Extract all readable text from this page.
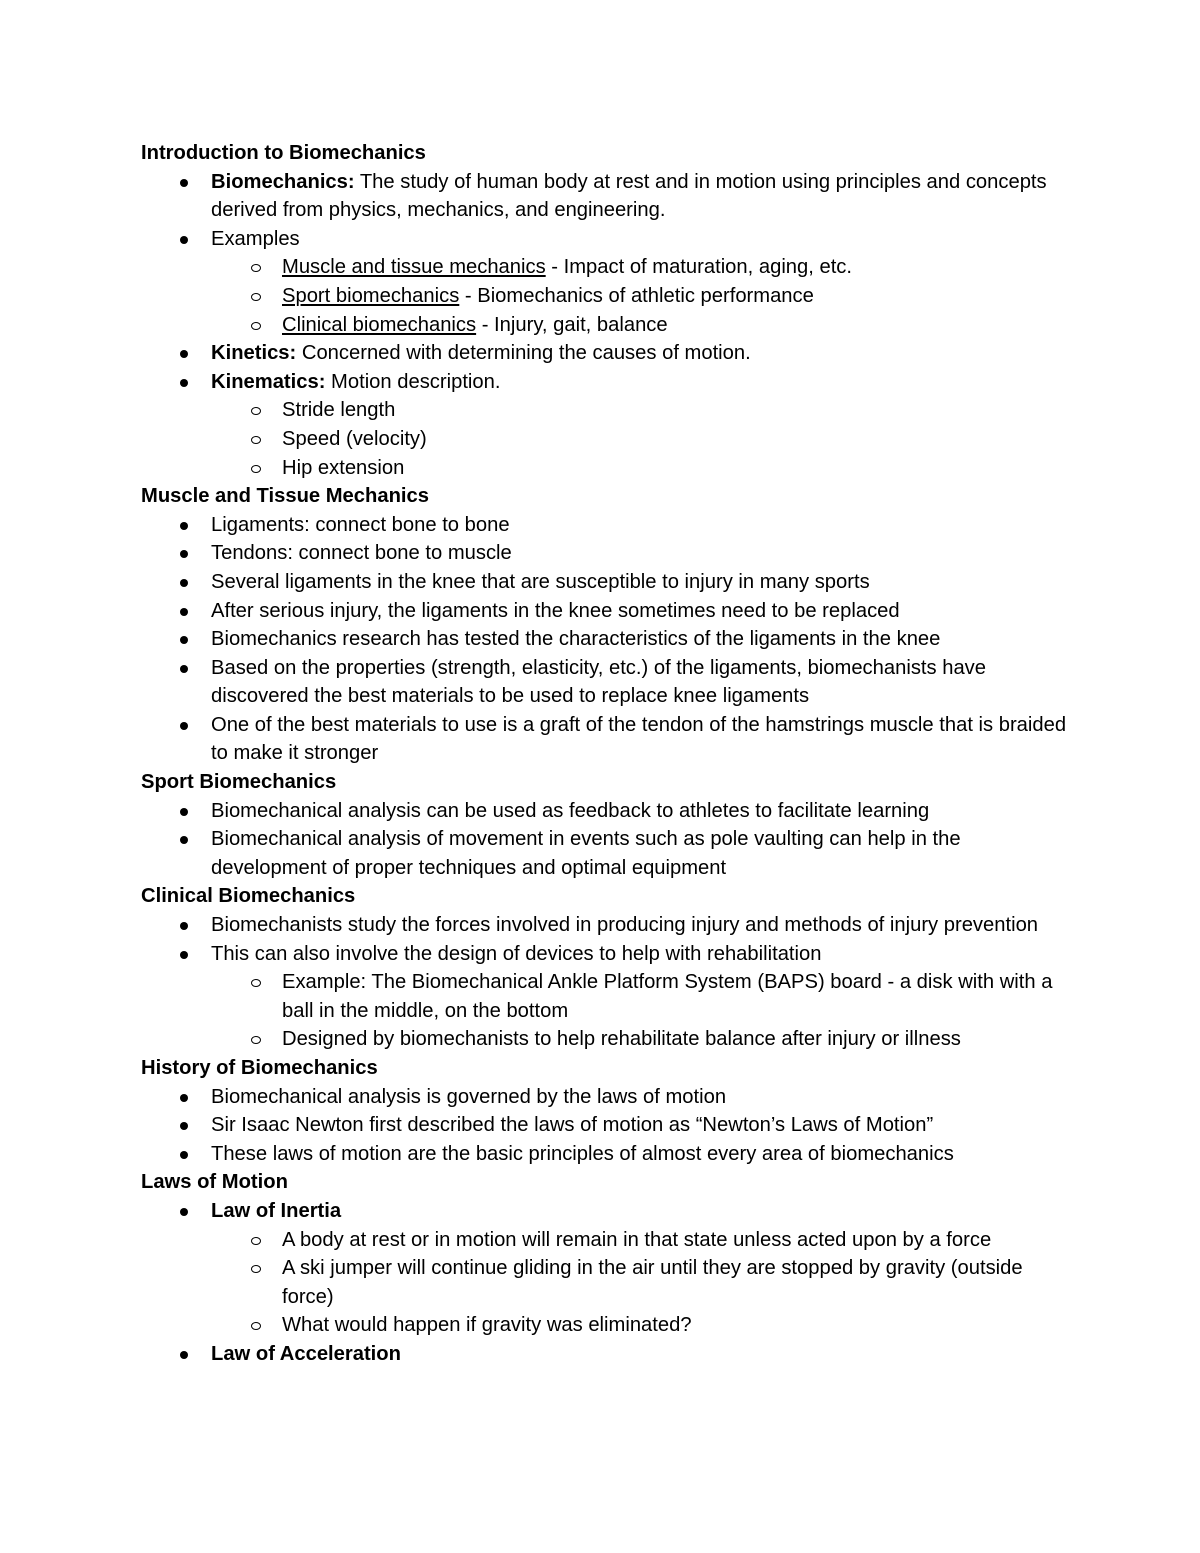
Introduction to Biomechanics
Biomechanics: The study of human body at rest and in motion using principles and concepts derived from physics, mechanics, and engineering.
Examples
Muscle and tissue mechanics - Impact of maturation, aging, etc.
Sport biomechanics - Biomechanics of athletic performance
Clinical biomechanics - Injury, gait, balance
Kinetics: Concerned with determining the causes of motion.
Kinematics: Motion description.
Stride length
Speed (velocity)
Hip extension
Muscle and Tissue Mechanics
Ligaments: connect bone to bone
Tendons: connect bone to muscle
Several ligaments in the knee that are susceptible to injury in many sports
After serious injury, the ligaments in the knee sometimes need to be replaced
Biomechanics research has tested the characteristics of the ligaments in the knee
Based on the properties (strength, elasticity, etc.) of the ligaments, biomechanists have discovered the best materials to be used to replace knee ligaments
One of the best materials to use is a graft of the tendon of the hamstrings muscle that is braided to make it stronger
Sport Biomechanics
Biomechanical analysis can be used as feedback to athletes to facilitate learning
Biomechanical analysis of movement in events such as pole vaulting can help in the development of proper techniques and optimal equipment
Clinical Biomechanics
Biomechanists study the forces involved in producing injury and methods of injury prevention
This can also involve the design of devices to help with rehabilitation
Example: The Biomechanical Ankle Platform System (BAPS) board - a disk with with a ball in the middle, on the bottom
Designed by biomechanists to help rehabilitate balance after injury or illness
History of Biomechanics
Biomechanical analysis is governed by the laws of motion
Sir Isaac Newton first described the laws of motion as “Newton’s Laws of Motion”
These laws of motion are the basic principles of almost every area of biomechanics
Laws of Motion
Law of Inertia
A body at rest or in motion will remain in that state unless acted upon by a force
A ski jumper will continue gliding in the air until they are stopped by gravity (outside force)
What would happen if gravity was eliminated?
Law of Acceleration
